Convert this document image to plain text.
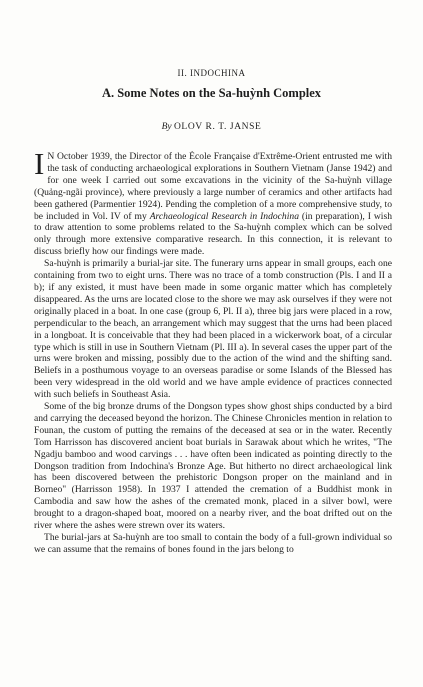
II. INDOCHINA
A. Some Notes on the Sa-huỳnh Complex
By OLOV R. T. JANSE

I N October 1939, the Director of the École Française d'Extrême-Orient entrusted me with the task of conducting archaeological explorations in Southern Vietnam (Janse 1942) and for one week I carried out some excavations in the vicinity of the Sa-huỳnh village (Quảng-ngãi province), where previously a large number of ceramics and other artifacts had been gathered (Parmentier 1924). Pending the completion of a more comprehensive study, to be included in Vol. IV of my Archaeological Research in Indochina (in preparation), I wish to draw attention to some problems related to the Sa-huỳnh complex which can be solved only through more extensive comparative research. In this connection, it is relevant to discuss briefly how our findings were made.

Sa-huỳnh is primarily a burial-jar site. The funerary urns appear in small groups, each one containing from two to eight urns. There was no trace of a tomb construction (Pls. I and II a b); if any existed, it must have been made in some organic matter which has completely disappeared. As the urns are located close to the shore we may ask ourselves if they were not originally placed in a boat. In one case (group 6, Pl. II a), three big jars were placed in a row, perpendicular to the beach, an arrangement which may suggest that the urns had been placed in a longboat. It is conceivable that they had been placed in a wickerwork boat, of a circular type which is still in use in Southern Vietnam (Pl. III a). In several cases the upper part of the urns were broken and missing, possibly due to the action of the wind and the shifting sand. Beliefs in a posthumous voyage to an overseas paradise or some Islands of the Blessed has been very widespread in the old world and we have ample evidence of practices connected with such beliefs in Southeast Asia.

Some of the big bronze drums of the Dongson types show ghost ships conducted by a bird and carrying the deceased beyond the horizon. The Chinese Chronicles mention in relation to Founan, the custom of putting the remains of the deceased at sea or in the water. Recently Tom Harrisson has discovered ancient boat burials in Sarawak about which he writes, "The Ngadju bamboo and wood carvings . . . have often been indicated as pointing directly to the Dongson tradition from Indochina's Bronze Age. But hitherto no direct archaeological link has been discovered between the prehistoric Dongson proper on the mainland and in Borneo" (Harrisson 1958). In 1937 I attended the cremation of a Buddhist monk in Cambodia and saw how the ashes of the cremated monk, placed in a silver bowl, were brought to a dragon-shaped boat, moored on a nearby river, and the boat drifted out on the river where the ashes were strewn over its waters.

The burial-jars at Sa-huỳnh are too small to contain the body of a full-grown individual so we can assume that the remains of bones found in the jars belong to
